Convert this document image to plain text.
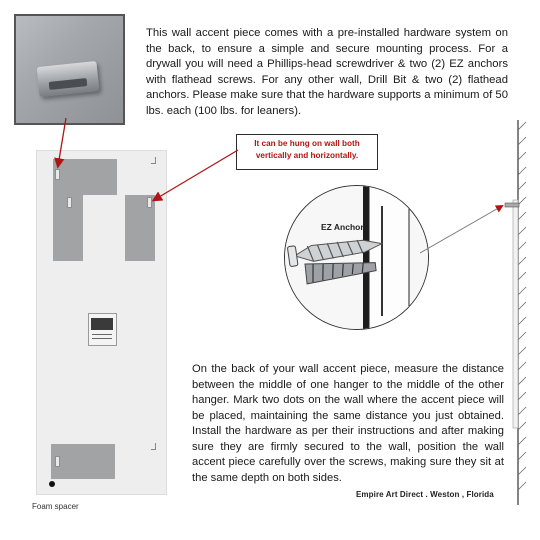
This wall accent piece comes with a pre-installed hardware system on the back, to ensure a simple and secure mounting process. For a drywall you will need a Phillips-head screwdriver & two (2) EZ anchors with flathead screws. For any other wall, Drill Bit & two (2) flathead anchors. Please make sure that the hardware supports a minimum of 50 lbs. each (100 lbs. for leaners).

Foam spacer
It can be hung on wall both vertically and horizontally.
EZ Anchor

On the back of your wall accent piece, measure the distance between the middle of one hanger to the middle of the other hanger. Mark two dots on the wall where the accent piece will be placed, maintaining the same distance you just obtained. Install the hardware as per their instructions and after making sure they are firmly secured to the wall, position the wall accent piece carefully over the screws, making sure they sit at the same depth on both sides.

Empire Art Direct . Weston , Florida
